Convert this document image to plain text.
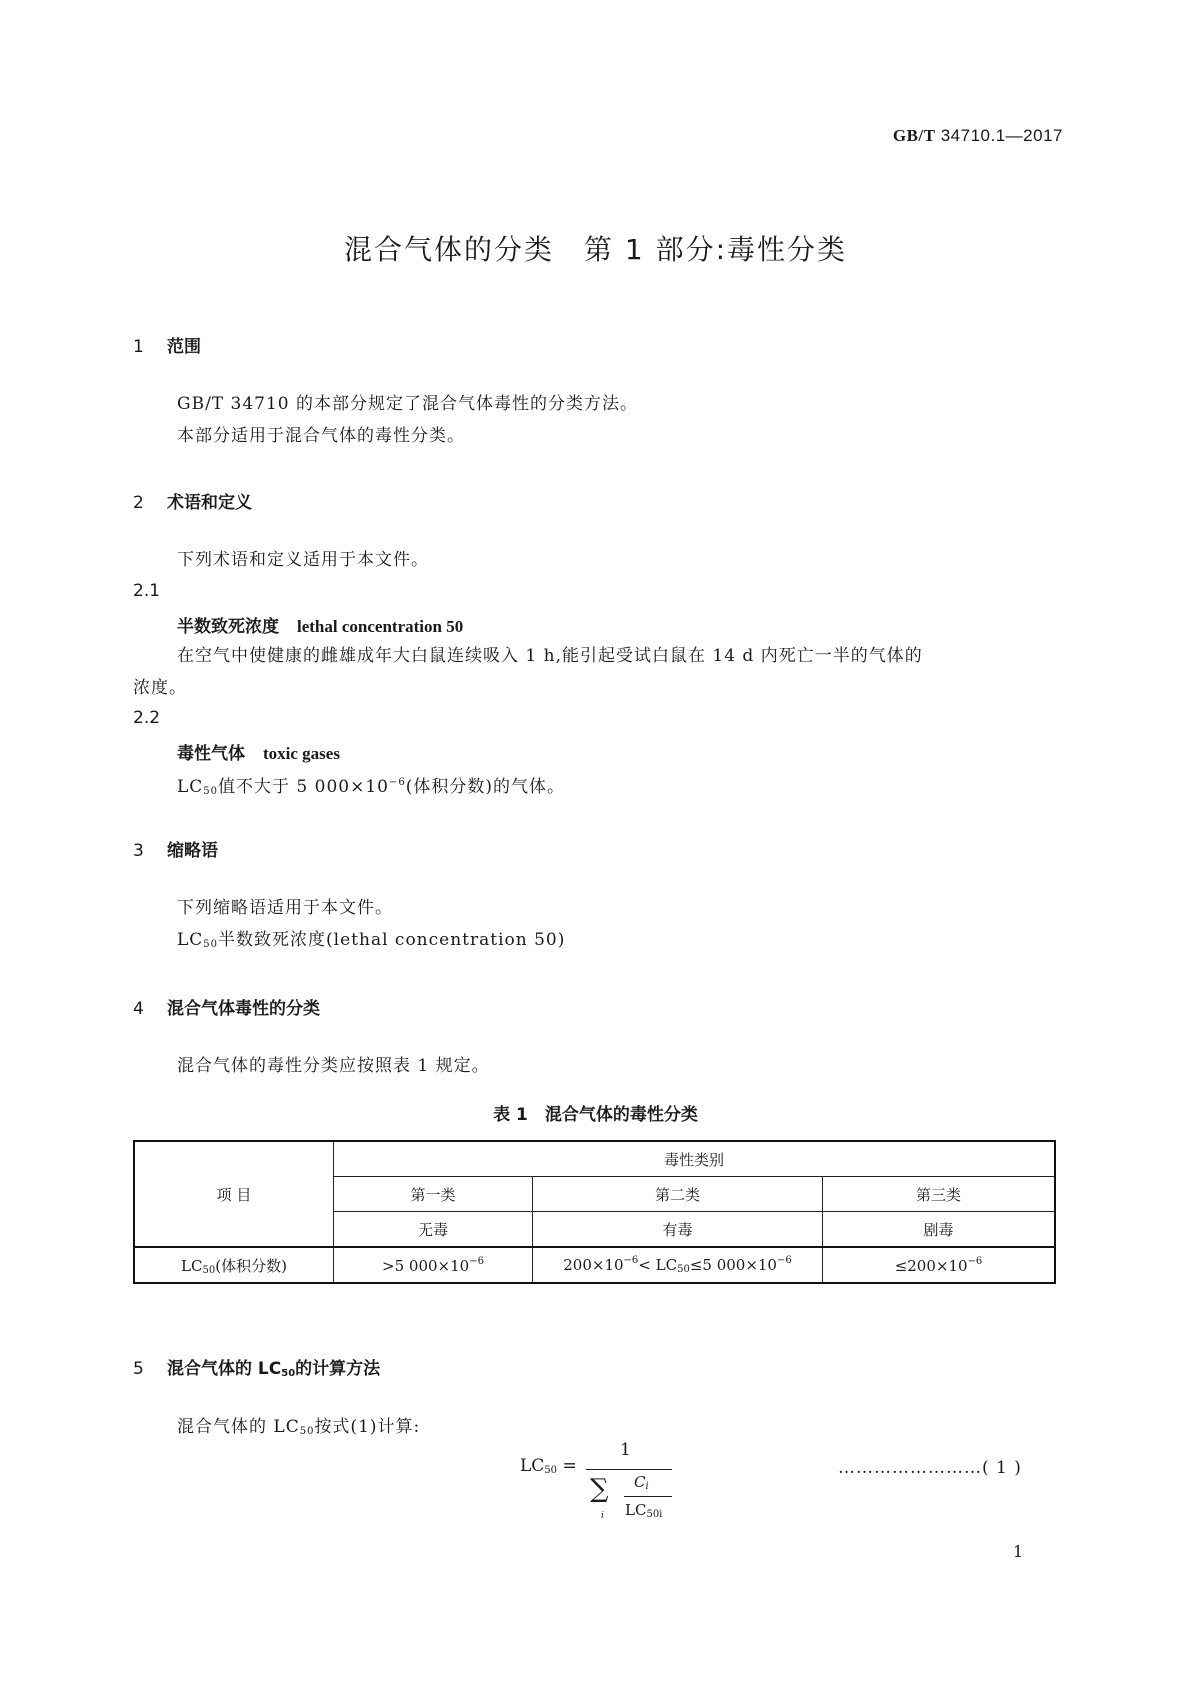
GB/T 34710.1—2017
混合气体的分类　第 1 部分:毒性分类
1 范围
GB/T 34710 的本部分规定了混合气体毒性的分类方法。
本部分适用于混合气体的毒性分类。
2 术语和定义
下列术语和定义适用于本文件。
2.1
半数致死浓度 lethal concentration 50
在空气中使健康的雌雄成年大白鼠连续吸入 1 h,能引起受试白鼠在 14 d 内死亡一半的气体的
浓度。
2.2
毒性气体 toxic gases
$LC_{50}$值不大于 5 $000\times 10^{-6}$(体积分数)的气体。
3 缩略语
下列缩略语适用于本文件。
$LC_{50}$半数致死浓度(lethal concentration 50)
4 混合气体毒性的分类
混合气体的毒性分类应按照表 1 规定。
表 1　混合气体的毒性分类
项 目	毒性类别		
	第一类	第二类	第三类
	无毒	有毒	剧毒
$LC_{50}$(体积分数)	>5 $000\times 10^{-6}$	$200\times 10^{-6}< LC_{50}\le 5$ $000\times 10^{-6}$	$\le 200\times 10^{-6}$
5 混合气体的 $LC_{50}$的计算方法
混合气体的 $LC_{50}$按式(1)计算:
$LC_{50}$ =
1
∑
i
$C_i$
$LC_{50i}$
……………………( 1 )
1
